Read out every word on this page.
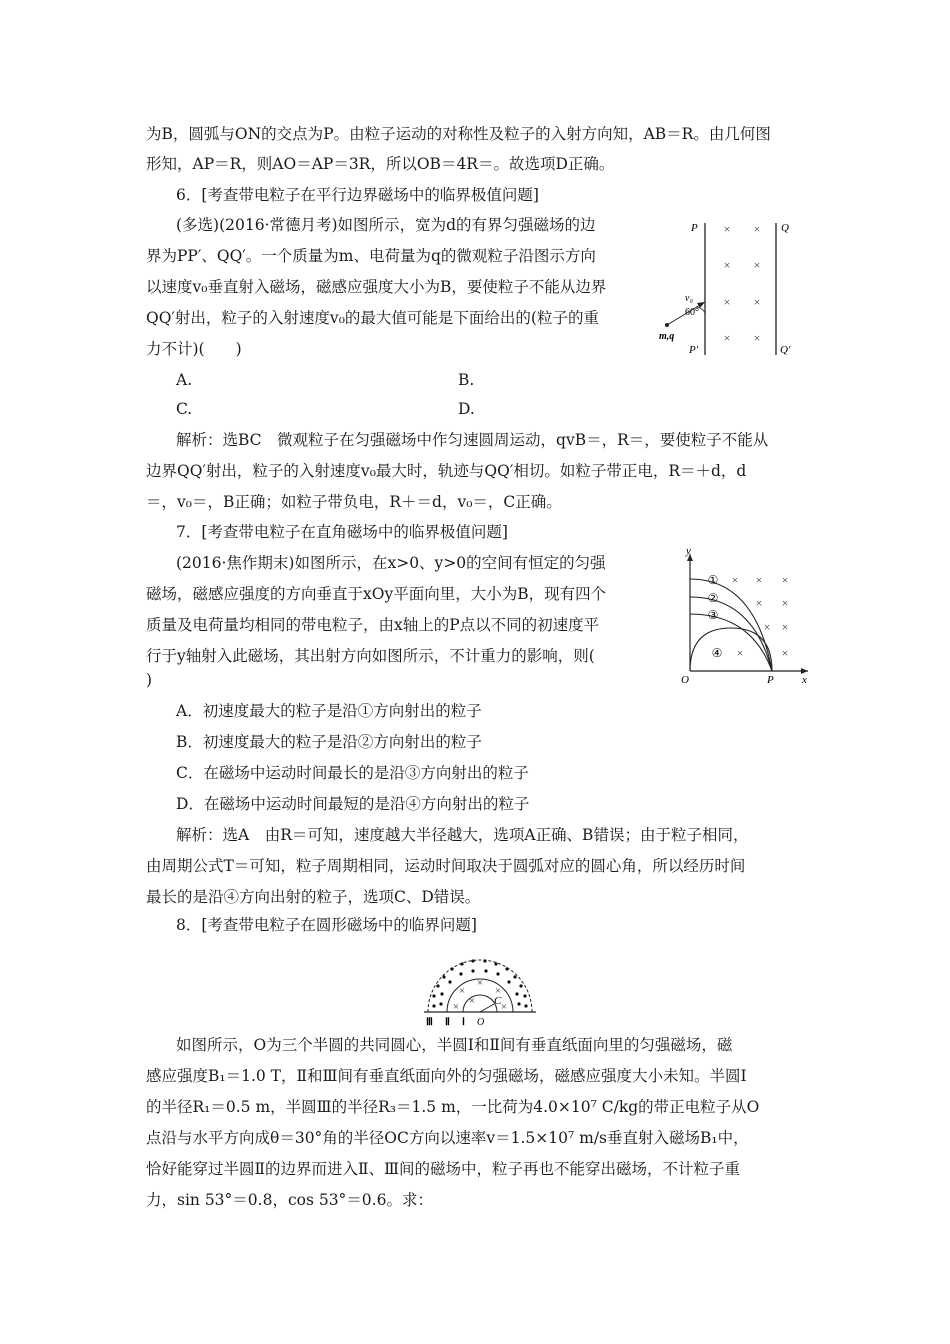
为B，圆弧与ON的交点为P。由粒子运动的对称性及粒子的入射方向知，AB＝R。由几何图
形知，AP＝R，则AO＝AP＝3R，所以OB＝4R＝。故选项D正确。
6．[考查带电粒子在平行边界磁场中的临界极值问题]
(多选)(2016·常德月考)如图所示，宽为d的有界匀强磁场的边
界为PP′、QQ′。一个质量为m、电荷量为q的微观粒子沿图示方向
以速度v₀垂直射入磁场，磁感应强度大小为B，要使粒子不能从边界
QQ′射出，粒子的入射速度v₀的最大值可能是下面给出的(粒子的重
力不计)(　　)
A.	B.
C.	D.
解析：选BC　微观粒子在匀强磁场中作匀速圆周运动，qvB＝，R＝，要使粒子不能从
边界QQ′射出，粒子的入射速度v₀最大时，轨迹与QQ′相切。如粒子带正电，R＝＋d，d
＝，v₀＝，B正确；如粒子带负电，R＋＝d，v₀＝，C正确。
P	Q
P′	Q′
× ×
× ×
× ×
× ×
v₀
60°
m,q
7．[考查带电粒子在直角磁场中的临界极值问题]
(2016·焦作期末)如图所示，在x>0、y>0的空间有恒定的匀强
磁场，磁感应强度的方向垂直于xOy平面向里，大小为B，现有四个
质量及电荷量均相同的带电粒子，由x轴上的P点以不同的初速度平
行于y轴射入此磁场，其出射方向如图所示，不计重力的影响，则(
)
A．初速度最大的粒子是沿①方向射出的粒子
B．初速度最大的粒子是沿②方向射出的粒子
C．在磁场中运动时间最长的是沿③方向射出的粒子
D．在磁场中运动时间最短的是沿④方向射出的粒子
解析：选A　由R＝可知，速度越大半径越大，选项A正确、B错误；由于粒子相同，
由周期公式T＝可知，粒子周期相同，运动时间取决于圆弧对应的圆心角，所以经历时间
最长的是沿④方向出射的粒子，选项C、D错误。
y
x
O	P
①
②
③
④
× × ×
× ×
× ×
×	×
8．[考查带电粒子在圆形磁场中的临界问题]
×
×
×
×
×
× C
O
Ⅲ Ⅱ Ⅰ
如图所示，O为三个半圆的共同圆心，半圆Ⅰ和Ⅱ间有垂直纸面向里的匀强磁场，磁
感应强度B₁＝1.0 T，Ⅱ和Ⅲ间有垂直纸面向外的匀强磁场，磁感应强度大小未知。半圆Ⅰ
的半径R₁＝0.5 m，半圆Ⅲ的半径R₃＝1.5 m，一比荷为4.0×10⁷ C/kg的带正电粒子从O
点沿与水平方向成θ＝30°角的半径OC方向以速率v＝1.5×10⁷ m/s垂直射入磁场B₁中，
恰好能穿过半圆Ⅱ的边界而进入Ⅱ、Ⅲ间的磁场中，粒子再也不能穿出磁场，不计粒子重
力，sin 53°＝0.8，cos 53°＝0.6。求：
